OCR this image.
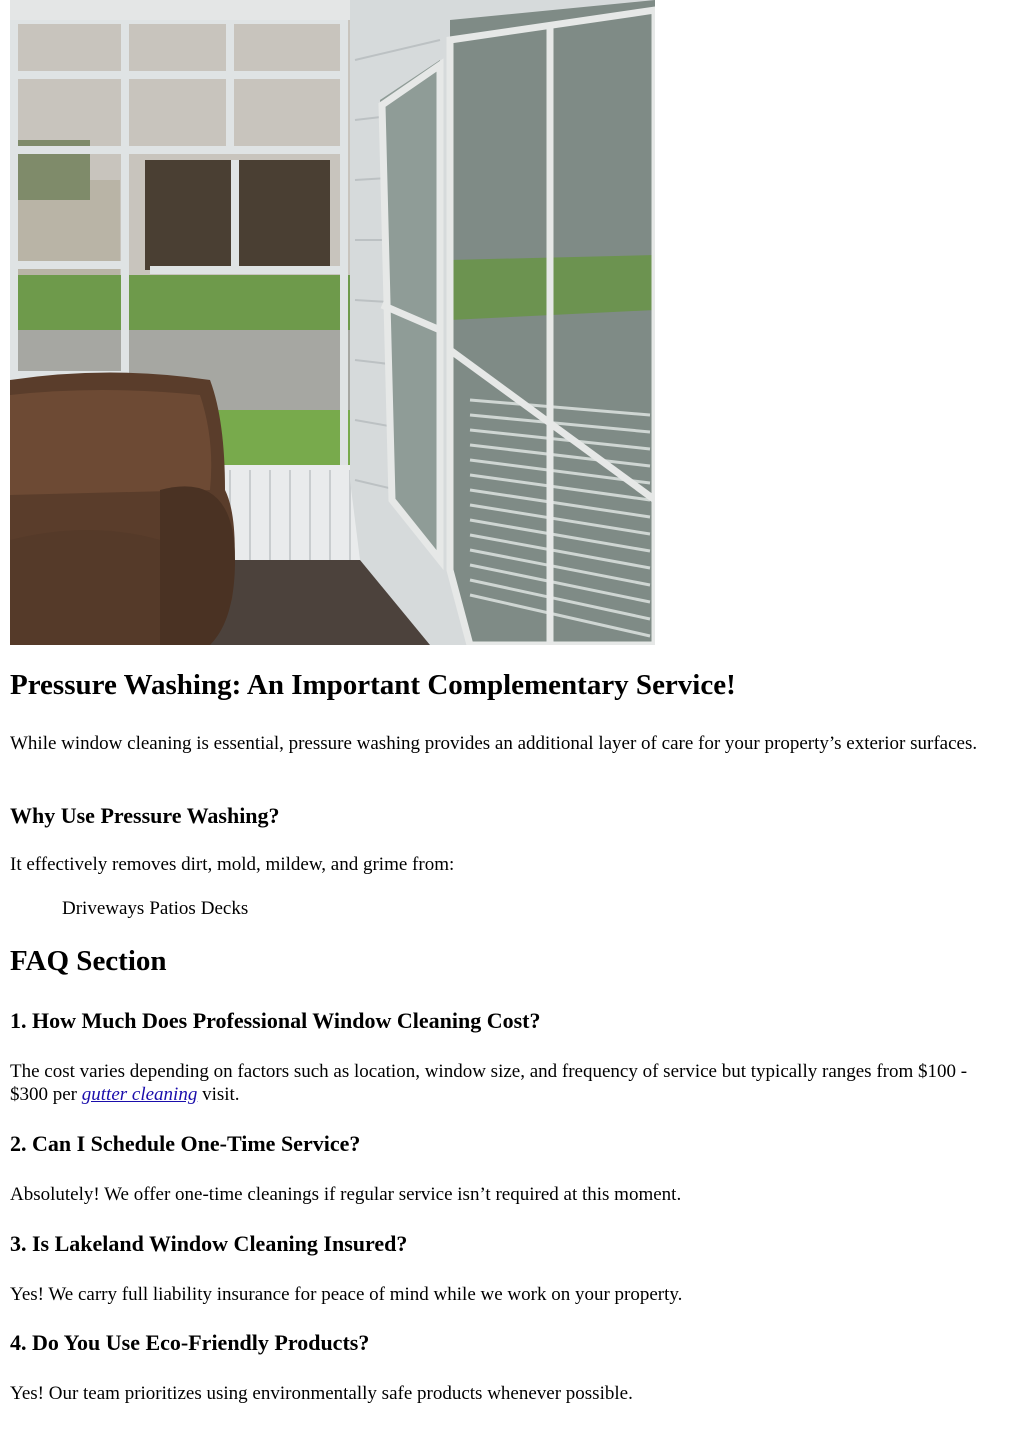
Pressure Washing: An Important Complementary Service!

While window cleaning is essential, pressure washing provides an additional layer of care for your property’s exterior surfaces.

Why Use Pressure Washing?

It effectively removes dirt, mold, mildew, and grime from:

Driveways Patios Decks
FAQ Section
1. How Much Does Professional Window Cleaning Cost?

The cost varies depending on factors such as location, window size, and frequency of service but typically ranges from $100 - $300 per gutter cleaning visit.

2. Can I Schedule One-Time Service?

Absolutely! We offer one-time cleanings if regular service isn’t required at this moment.

3. Is Lakeland Window Cleaning Insured?

Yes! We carry full liability insurance for peace of mind while we work on your property.

4. Do You Use Eco-Friendly Products?

Yes! Our team prioritizes using environmentally safe products whenever possible.
